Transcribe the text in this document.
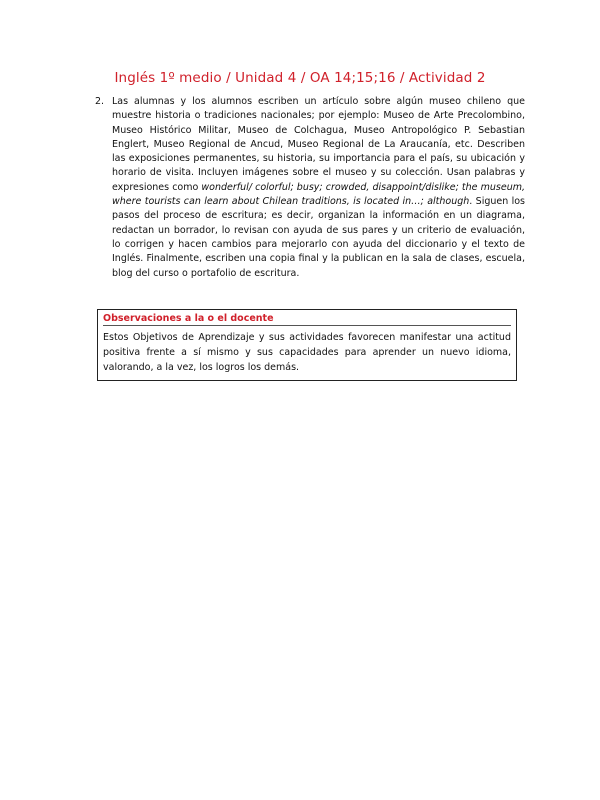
Inglés 1º medio / Unidad 4 / OA 14;15;16 / Actividad 2
2. Las alumnas y los alumnos escriben un artículo sobre algún museo chileno que muestre historia o tradiciones nacionales; por ejemplo: Museo de Arte Precolombino, Museo Histórico Militar, Museo de Colchagua, Museo Antropológico P. Sebastian Englert, Museo Regional de Ancud, Museo Regional de La Araucanía, etc. Describen las exposiciones permanentes, su historia, su importancia para el país, su ubicación y horario de visita. Incluyen imágenes sobre el museo y su colección. Usan palabras y expresiones como wonderful/ colorful; busy; crowded, disappoint/dislike; the museum, where tourists can learn about Chilean traditions, is located in…; although. Siguen los pasos del proceso de escritura; es decir, organizan la información en un diagrama, redactan un borrador, lo revisan con ayuda de sus pares y un criterio de evaluación, lo corrigen y hacen cambios para mejorarlo con ayuda del diccionario y el texto de Inglés. Finalmente, escriben una copia final y la publican en la sala de clases, escuela, blog del curso o portafolio de escritura.
Observaciones a la o el docente
Estos Objetivos de Aprendizaje y sus actividades favorecen manifestar una actitud positiva frente a sí mismo y sus capacidades para aprender un nuevo idioma, valorando, a la vez, los logros los demás.
